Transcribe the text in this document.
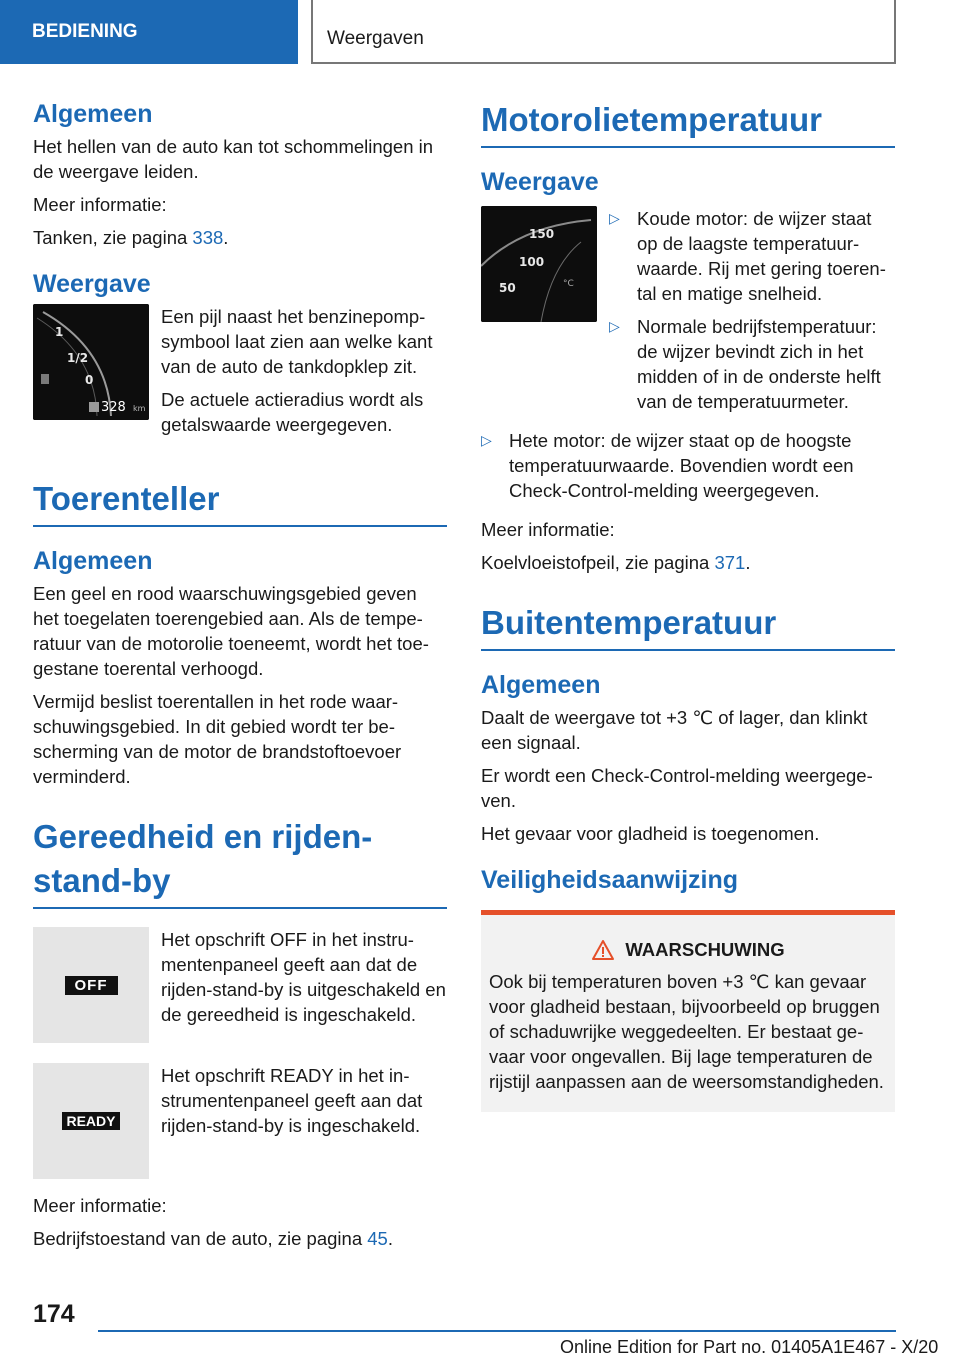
BEDIENING	Weergaven
Algemeen

Het hellen van de auto kan tot schommelingen in de weergave leiden.

Meer informatie:

Tanken, zie pagina 338.

Weergave
1
1/2
0
328 km

Een pijl naast het benzinepompsymbool laat zien aan welke kant van de auto de tankdopklep zit.

De actuele actieradius wordt als getalswaarde weergegeven.

Toerenteller
Algemeen

Een geel en rood waarschuwingsgebied geven het toegelaten toerengebied aan. Als de temperatuur van de motorolie toeneemt, wordt het toegestane toerental verhoogd.

Vermijd beslist toerentallen in het rode waarschuwingsgebied. In dit gebied wordt ter bescherming van de motor de brandstoftoevoer verminderd.

Gereedheid en rijden-stand-by
OFF

Het opschrift OFF in het instrumentenpaneel geeft aan dat de rijden-stand-by is uitgeschakeld en de gereedheid is ingeschakeld.

READY

Het opschrift READY in het instrumentenpaneel geeft aan dat rijden-stand-by is ingeschakeld.

Meer informatie:

Bedrijfstoestand van de auto, zie pagina 45.

Motorolietemperatuur
Weergave
150
100
50	°C
▷ Koude motor: de wijzer staat op de laagste temperatuurwaarde. Rij met gering toerental en matige snelheid.
▷ Normale bedrijfstemperatuur: de wijzer bevindt zich in het midden of in de onderste helft van de temperatuurmeter.
▷ Hete motor: de wijzer staat op de hoogste temperatuurwaarde. Bovendien wordt een Check-Control-melding weergegeven.

Meer informatie:

Koelvloeistofpeil, zie pagina 371.

Buitentemperatuur
Algemeen

Daalt de weergave tot +3 ℃ of lager, dan klinkt een signaal.

Er wordt een Check-Control-melding weergegeven.

Het gevaar voor gladheid is toegenomen.

Veiligheidsaanwijzing
WAARSCHUWING

Ook bij temperaturen boven +3 ℃ kan gevaar voor gladheid bestaan, bijvoorbeeld op bruggen of schaduwrijke weggedeelten. Er bestaat gevaar voor ongevallen. Bij lage temperaturen de rijstijl aanpassen aan de weersomstandigheden.

174
Online Edition for Part no. 01405A1E467 - X/20
